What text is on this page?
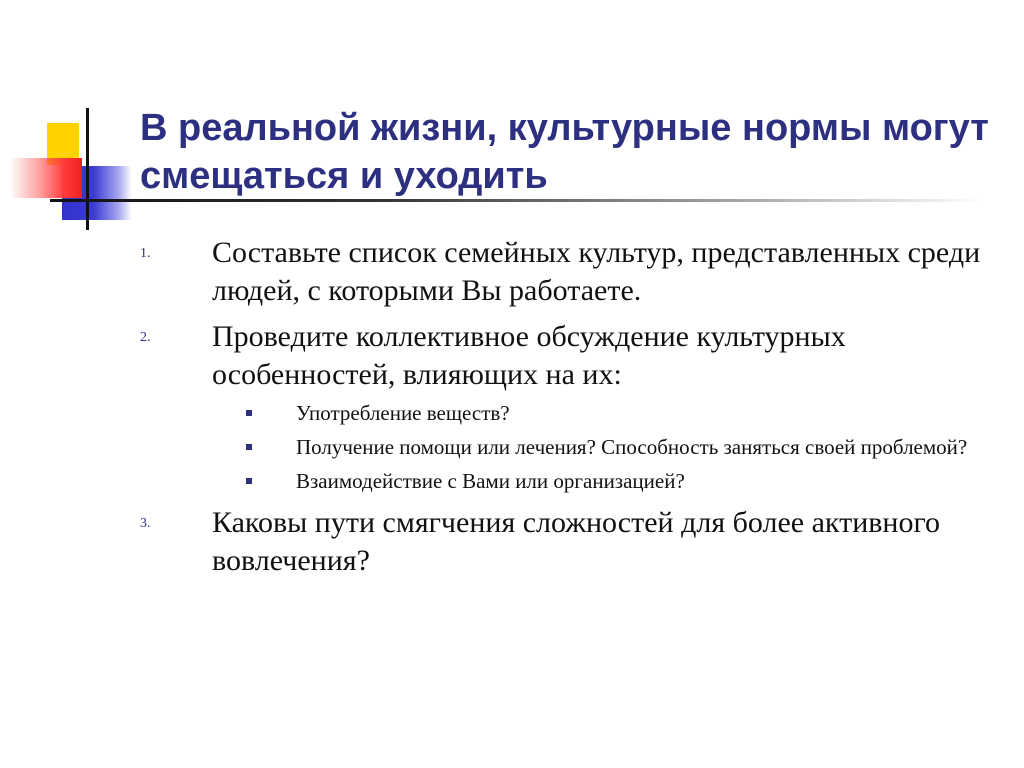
В реальной жизни, культурные нормы могут смещаться и уходить
1. Составьте список семейных культур, представленных среди людей, с которыми Вы работаете.
2. Проведите коллективное обсуждение культурных особенностей, влияющих на их:
Употребление веществ?
Получение помощи или лечения? Способность заняться своей проблемой?
Взаимодействие с Вами или организацией?
3. Каковы пути смягчения сложностей для более активного вовлечения?
